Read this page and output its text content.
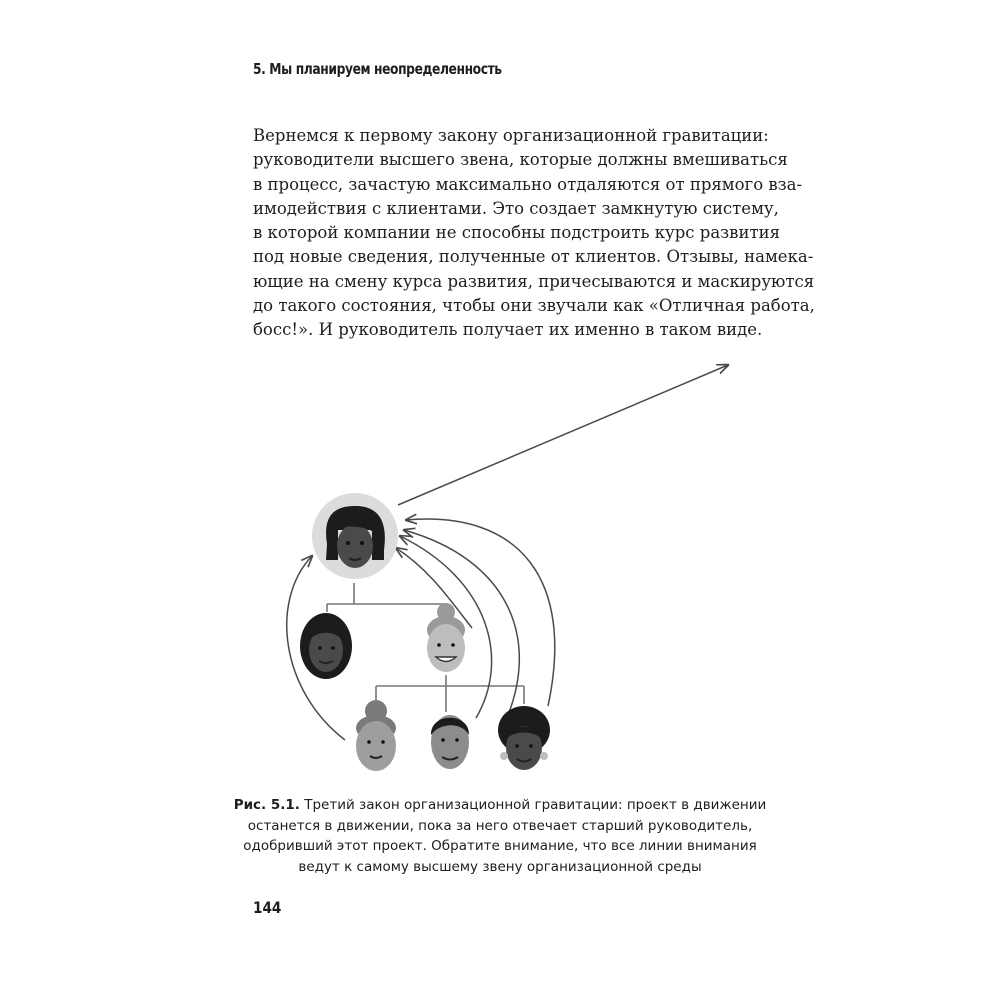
5. Мы планируем неопределенность
Вернемся к первому закону организационной гравитации:
руководители высшего звена, которые должны вмешиваться
в процесс, зачастую максимально отдаляются от прямого вза-
имодействия с клиентами. Это создает замкнутую систему,
в которой компании не способны подстроить курс развития
под новые сведения, полученные от клиентов. Отзывы, намека-
ющие на смену курса развития, причесываются и маскируются
до такого состояния, чтобы они звучали как «Отличная работа,
босс!». И руководитель получает их именно в таком виде.
Рис. 5.1. Третий закон организационной гравитации: проект в движении
останется в движении, пока за него отвечает старший руководитель,
одобривший этот проект. Обратите внимание, что все линии внимания
ведут к самому высшему звену организационной среды
144
